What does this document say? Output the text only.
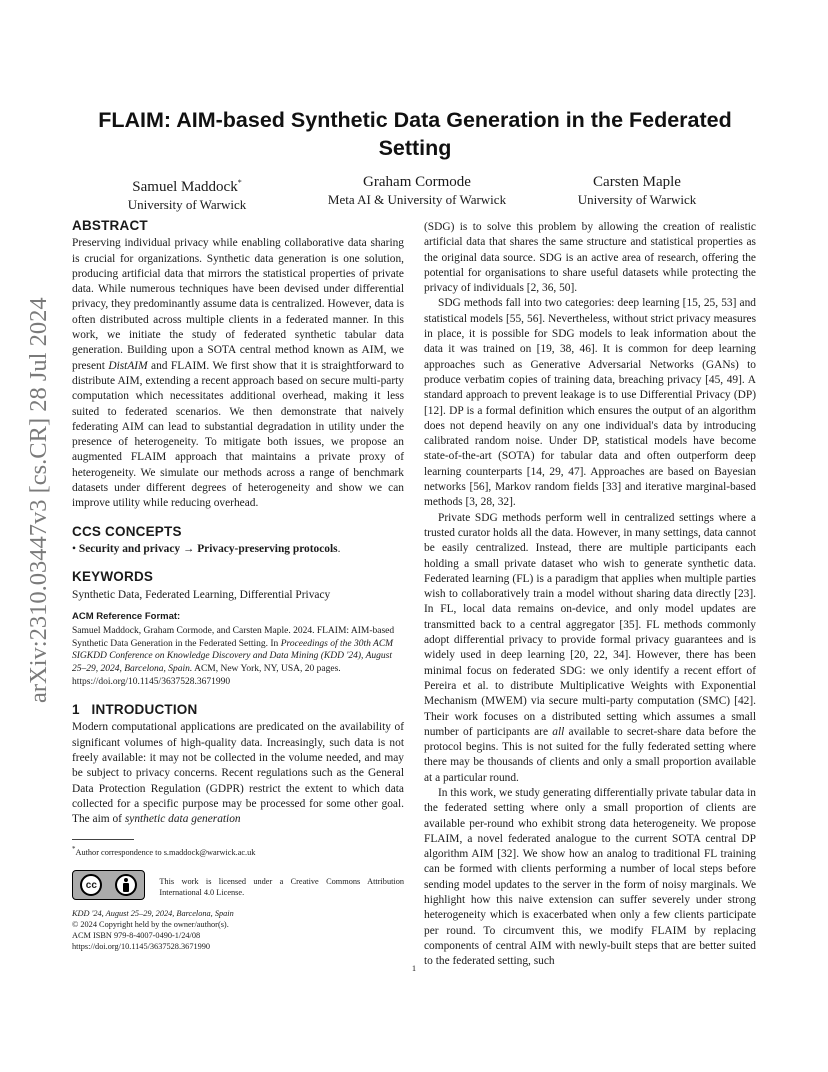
arXiv:2310.03447v3 [cs.CR] 28 Jul 2024
FLAIM: AIM-based Synthetic Data Generation in the Federated Setting
Samuel Maddock*
University of Warwick
Graham Cormode
Meta AI & University of Warwick
Carsten Maple
University of Warwick
ABSTRACT

Preserving individual privacy while enabling collaborative data sharing is crucial for organizations. Synthetic data generation is one solution, producing artificial data that mirrors the statistical properties of private data. While numerous techniques have been devised under differential privacy, they predominantly assume data is centralized. However, data is often distributed across multiple clients in a federated manner. In this work, we initiate the study of federated synthetic tabular data generation. Building upon a SOTA central method known as AIM, we present DistAIM and FLAIM. We first show that it is straightforward to distribute AIM, extending a recent approach based on secure multi-party computation which necessitates additional overhead, making it less suited to federated scenarios. We then demonstrate that naively federating AIM can lead to substantial degradation in utility under the presence of heterogeneity. To mitigate both issues, we propose an augmented FLAIM approach that maintains a private proxy of heterogeneity. We simulate our methods across a range of benchmark datasets under different degrees of heterogeneity and show we can improve utility while reducing overhead.

CCS CONCEPTS

• Security and privacy → Privacy-preserving protocols.

KEYWORDS

Synthetic Data, Federated Learning, Differential Privacy

ACM Reference Format:

Samuel Maddock, Graham Cormode, and Carsten Maple. 2024. FLAIM: AIM-based Synthetic Data Generation in the Federated Setting. In Proceedings of the 30th ACM SIGKDD Conference on Knowledge Discovery and Data Mining (KDD '24), August 25–29, 2024, Barcelona, Spain. ACM, New York, NY, USA, 20 pages. https://doi.org/10.1145/3637528.3671990

1   INTRODUCTION

Modern computational applications are predicated on the availability of significant volumes of high-quality data. Increasingly, such data is not freely available: it may not be collected in the volume needed, and may be subject to privacy concerns. Recent regulations such as the General Data Protection Regulation (GDPR) restrict the extent to which data collected for a specific purpose may be processed for some other goal. The aim of synthetic data generation

*Author correspondence to s.maddock@warwick.ac.uk

cc	This work is licensed under a Creative Commons Attribution International 4.0 License.

KDD '24, August 25–29, 2024, Barcelona, Spain

© 2024 Copyright held by the owner/author(s).

ACM ISBN 979-8-4007-0490-1/24/08

https://doi.org/10.1145/3637528.3671990

(SDG) is to solve this problem by allowing the creation of realistic artificial data that shares the same structure and statistical properties as the original data source. SDG is an active area of research, offering the potential for organisations to share useful datasets while protecting the privacy of individuals [2, 36, 50].

SDG methods fall into two categories: deep learning [15, 25, 53] and statistical models [55, 56]. Nevertheless, without strict privacy measures in place, it is possible for SDG models to leak information about the data it was trained on [19, 38, 46]. It is common for deep learning approaches such as Generative Adversarial Networks (GANs) to produce verbatim copies of training data, breaching privacy [45, 49]. A standard approach to prevent leakage is to use Differential Privacy (DP) [12]. DP is a formal definition which ensures the output of an algorithm does not depend heavily on any one individual's data by introducing calibrated random noise. Under DP, statistical models have become state-of-the-art (SOTA) for tabular data and often outperform deep learning counterparts [14, 29, 47]. Approaches are based on Bayesian networks [56], Markov random fields [33] and iterative marginal-based methods [3, 28, 32].

Private SDG methods perform well in centralized settings where a trusted curator holds all the data. However, in many settings, data cannot be easily centralized. Instead, there are multiple participants each holding a small private dataset who wish to generate synthetic data. Federated learning (FL) is a paradigm that applies when multiple parties wish to collaboratively train a model without sharing data directly [23]. In FL, local data remains on-device, and only model updates are transmitted back to a central aggregator [35]. FL methods commonly adopt differential privacy to provide formal privacy guarantees and is widely used in deep learning [20, 22, 34]. However, there has been minimal focus on federated SDG: we only identify a recent effort of Pereira et al. to distribute Multiplicative Weights with Exponential Mechanism (MWEM) via secure multi-party computation (SMC) [42]. Their work focuses on a distributed setting which assumes a small number of participants are all available to secret-share data before the protocol begins. This is not suited for the fully federated setting where there may be thousands of clients and only a small proportion available at a particular round.

In this work, we study generating differentially private tabular data in the federated setting where only a small proportion of clients are available per-round who exhibit strong data heterogeneity. We propose FLAIM, a novel federated analogue to the current SOTA central DP algorithm AIM [32]. We show how an analog to traditional FL training can be formed with clients performing a number of local steps before sending model updates to the server in the form of noisy marginals. We highlight how this naive extension can suffer severely under strong heterogeneity which is exacerbated when only a few clients participate per round. To circumvent this, we modify FLAIM by replacing components of central AIM with newly-built steps that are better suited to the federated setting, such

1
